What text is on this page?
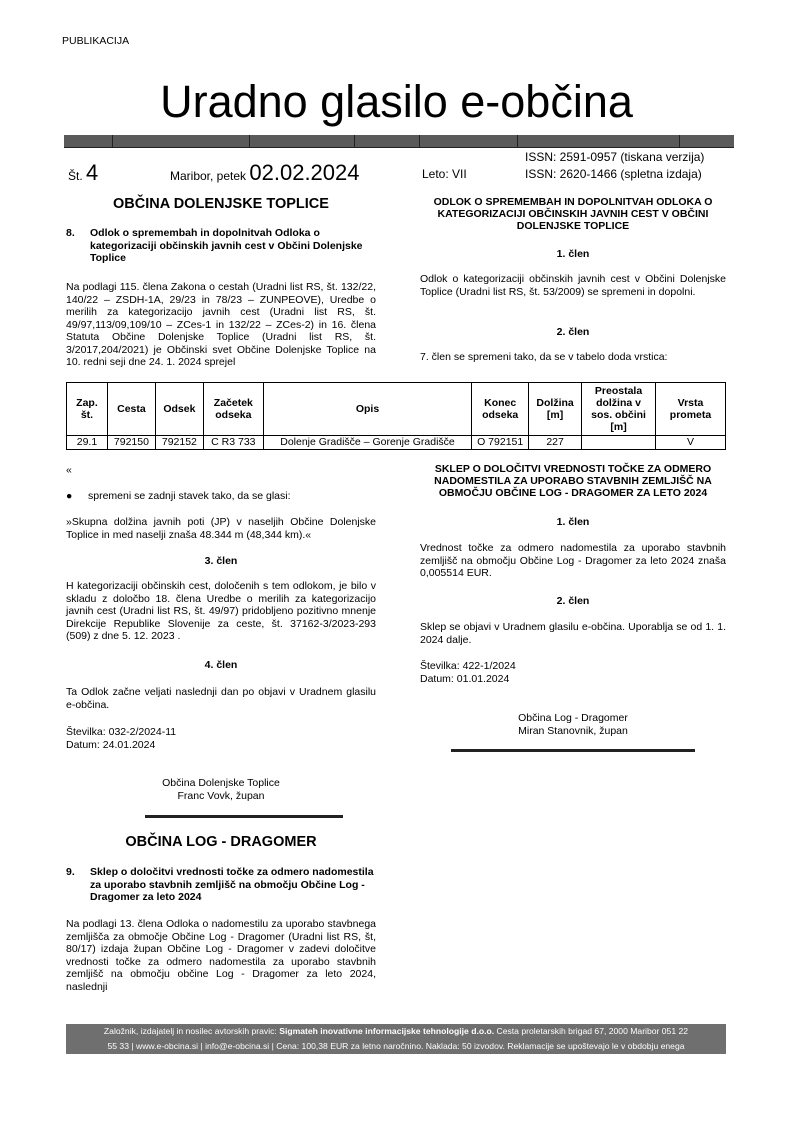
PUBLIKACIJA
Uradno glasilo e-občina
Št. 4	Maribor, petek 02.02.2024	Leto: VII
ISSN: 2591-0957 (tiskana verzija)
ISSN: 2620-1466 (spletna izdaja)
OBČINA DOLENJSKE TOPLICE
8.	Odlok o spremembah in dopolnitvah Odloka o kategorizaciji občinskih javnih cest v Občini Dolenjske Toplice
Na podlagi 115. člena Zakona o cestah (Uradni list RS, št. 132/22, 140/22 – ZSDH-1A, 29/23 in 78/23 – ZUNPEOVE), Uredbe o merilih za kategorizacijo javnih cest (Uradni list RS, št. 49/97,113/09,109/10 – ZCes-1 in 132/22 – ZCes-2) in 16. člena Statuta Občine Dolenjske Toplice (Uradni list RS, št. 3/2017,204/2021) je Občinski svet Občine Dolenjske Toplice na 10. redni seji dne 24. 1. 2024 sprejel
ODLOK O SPREMEMBAH IN DOPOLNITVAH ODLOKA O KATEGORIZACIJI OBČINSKIH JAVNIH CEST V OBČINI DOLENJSKE TOPLICE
1. člen
Odlok o kategorizaciji občinskih javnih cest v Občini Dolenjske Toplice (Uradni list RS, št. 53/2009) se spremeni in dopolni.
2. člen
7. člen se spremeni tako, da se v tabelo doda vrstica:
Zap. št.	Cesta	Odsek	Začetek odseka	Opis	Konec odseka	Dolžina [m]	Preostala dolžina v sos. občini [m]	Vrsta prometa
29.1	792150	792152	C R3 733	Dolenje Gradišče – Gorenje Gradišče	O 792151	227		V
«
●	spremeni se zadnji stavek tako, da se glasi:
»Skupna dolžina javnih poti (JP) v naseljih Občine Dolenjske Toplice in med naselji znaša 48.344 m (48,344 km).«
3. člen
H kategorizaciji občinskih cest, določenih s tem odlokom, je bilo v skladu z določbo 18. člena Uredbe o merilih za kategorizacijo javnih cest (Uradni list RS, št. 49/97) pridobljeno pozitivno mnenje Direkcije Republike Slovenije za ceste, št. 37162-3/2023-293 (509) z dne 5. 12. 2023 .
4. člen
Ta Odlok začne veljati naslednji dan po objavi v Uradnem glasilu e-občina.
Številka: 032-2/2024-11
Datum: 24.01.2024
Občina Dolenjske Toplice
Franc Vovk, župan
OBČINA LOG - DRAGOMER
9.	Sklep o določitvi vrednosti točke za odmero nadomestila za uporabo stavbnih zemljišč na območju Občine Log - Dragomer za leto 2024
Na podlagi 13. člena Odloka o nadomestilu za uporabo stavbnega zemljišča za območje Občine Log - Dragomer (Uradni list RS, št, 80/17) izdaja župan Občine Log - Dragomer v zadevi določitve vrednosti točke za odmero nadomestila za uporabo stavbnih zemljišč na območju občine Log - Dragomer za leto 2024, naslednji
SKLEP O DOLOČITVI VREDNOSTI TOČKE ZA ODMERO NADOMESTILA ZA UPORABO STAVBNIH ZEMLJIŠČ NA OBMOČJU OBČINE LOG - DRAGOMER ZA LETO 2024
1. člen
Vrednost točke za odmero nadomestila za uporabo stavbnih zemljišč na območju Občine Log - Dragomer za leto 2024 znaša 0,005514 EUR.
2. člen
Sklep se objavi v Uradnem glasilu e-občina. Uporablja se od 1. 1. 2024 dalje.
Številka: 422-1/2024
Datum: 01.01.2024
Občina Log - Dragomer
Miran Stanovnik, župan
Založnik, izdajatelj in nosilec avtorskih pravic: Sigmateh inovativne informacijske tehnologije d.o.o. Cesta proletarskih brigad 67, 2000 Maribor 051 22
55 33 | www.e-obcina.si | info@e-obcina.si | Cena: 100,38 EUR za letno naročnino. Naklada: 50 izvodov. Reklamacije se upoštevajo le v obdobju enega
